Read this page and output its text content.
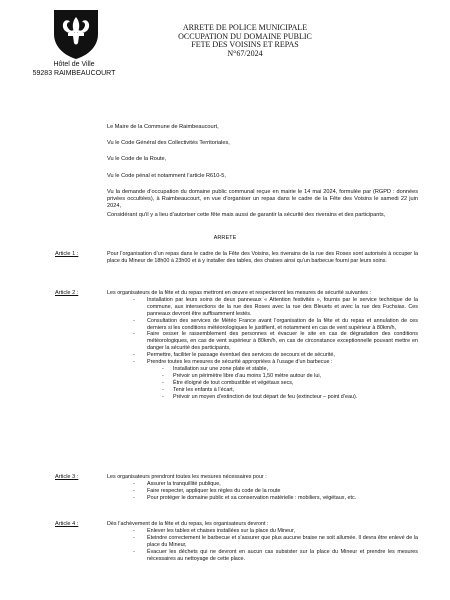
Hôtel de Ville
59283 RAIMBEAUCOURT
ARRETE DE POLICE MUNICIPALE
OCCUPATION DU DOMAINE PUBLIC
FETE DES VOISINS ET REPAS
N°67/2024
Le Maire de la Commune de Raimbeaucourt,
Vu le Code Général des Collectivités Territoriales,
Vu le Code de la Route,
Vu le Code pénal et notamment l’article R610-5,
Vu la demande d’occupation du domaine public communal reçue en mairie le 14 mai 2024, formulée par (RGPD : données privées occultées), à Raimbeaucourt, en vue d’organiser un repas dans le cadre de la Fête des Voisins le samedi 22 juin 2024,
Considérant qu’il y a lieu d’autoriser cette fête mais aussi de garantir la sécurité des riverains et des participants,
ARRETE
Article 1 :	Pour l’organisation d’un repas dans le cadre de la Fête des Voisins, les riverains de la rue des Roses sont autorisés à occuper la place du Mineur de 18h00 à 23h00 et à y installer des tables, des chaises ainsi qu’un barbecue fourni par leurs soins.
Article 2 :	Les organisateurs de la fête et du repas mettront en œuvre et respecteront les mesures de sécurité suivantes :
- Installation par leurs soins de deux panneaux « Attention festivités », fournis par le service technique de la commune, aux intersections de la rue des Roses avec la rue des Bleuets et avec la rue des Fuchsias. Ces panneaux devront être suffisamment lestés.
- Consultation des services de Météo France avant l’organisation de la fête et du repas et annulation de ces derniers si les conditions météorologiques le justifient, et notamment en cas de vent supérieur à 80km/h,
- Faire cesser le rassemblement des personnes et évacuer le site en cas de dégradation des conditions météorologiques, en cas de vent supérieur à 80km/h, en cas de circonstance exceptionnelle pouvant mettre en danger la sécurité des participants,
- Permettre, faciliter le passage éventuel des services de secours et de sécurité,
- Prendre toutes les mesures de sécurité appropriées à l’usage d’un barbecue :
- Installation sur une zone plate et stable,
- Prévoir un périmètre libre d’au moins 1,50 mètre autour de lui,
- Être éloigné de tout combustible et végétaux secs,
- Tenir les enfants à l’écart,
- Prévoir un moyen d’extinction de tout départ de feu (extincteur – point d’eau).
Article 3 :	Les organisateurs prendront toutes les mesures nécessaires pour :
- Assurer la tranquillité publique,
- Faire respecter, appliquer les règles du code de la route
- Pour protéger le domaine public et sa conservation matérielle : mobiliers, végétaux, etc.
Article 4 :	Dès l’achèvement de la fête et du repas, les organisateurs devront :
- Enlever les tables et chaises installées sur la place du Mineur,
- Éteindre correctement le barbecue et s’assurer que plus aucune braise ne soit allumée. Il devra être enlevé de la place du Mineur,
- Évacuer les déchets qui ne devront en aucun cas subsister sur la place du Mineur et prendre les mesures nécessaires au nettoyage de cette place.
